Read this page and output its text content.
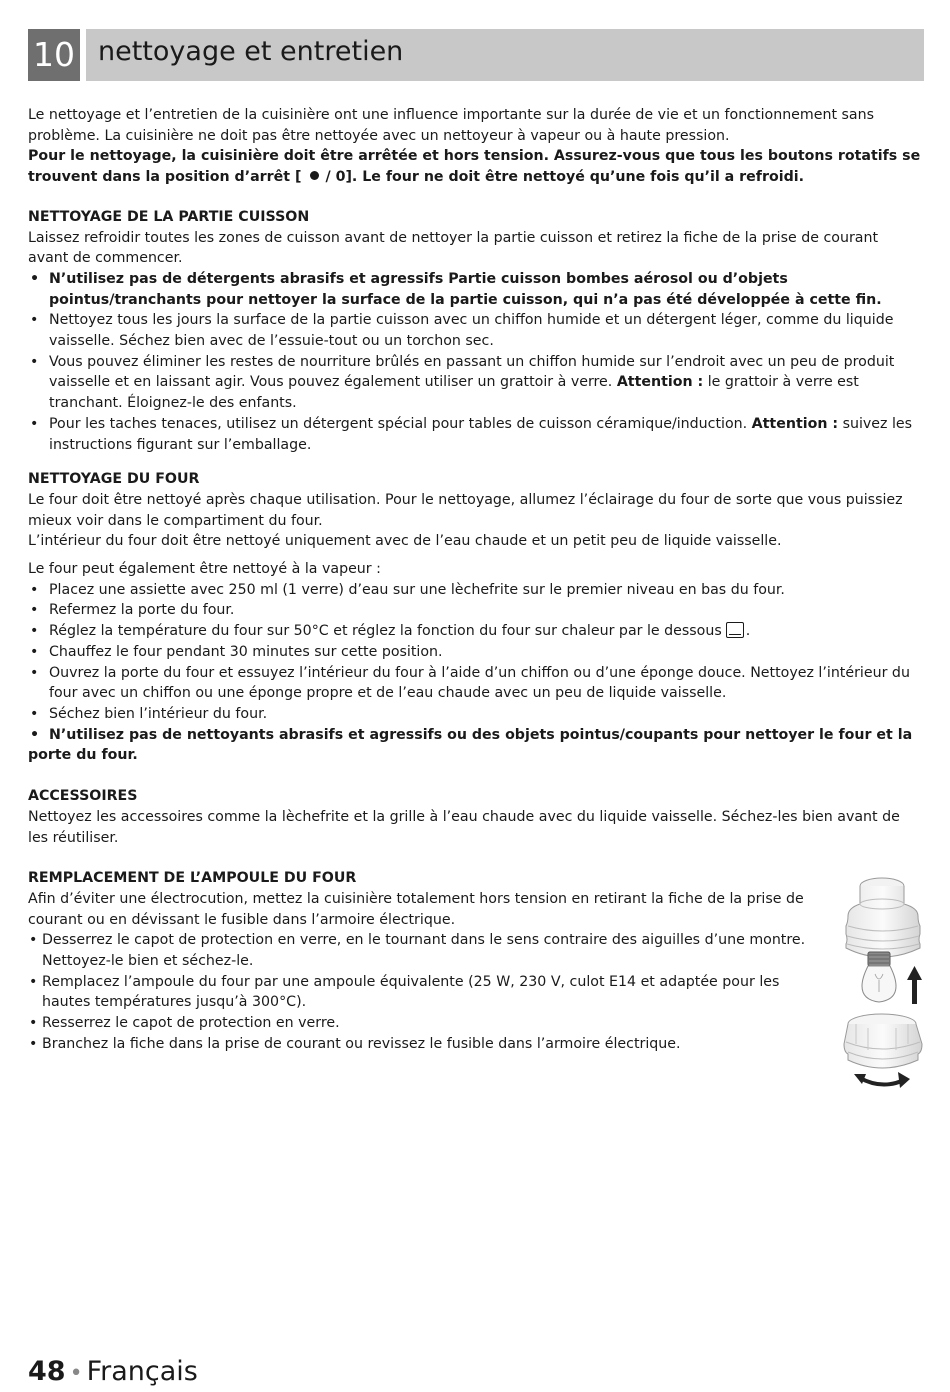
10 nettoyage et entretien

Le nettoyage et l’entretien de la cuisinière ont une influence importante sur la durée de vie et un fonctionnement sans problème. La cuisinière ne doit pas être nettoyée avec un nettoyeur à vapeur ou à haute pression.

Pour le nettoyage, la cuisinière doit être arrêtée et hors tension. Assurez-vous que tous les boutons rotatifs se trouvent dans la position d’arrêt [ / 0]. Le four ne doit être nettoyé qu’une fois qu’il a refroidi.

NETTOYAGE DE LA PARTIE CUISSON

Laissez refroidir toutes les zones de cuisson avant de nettoyer la partie cuisson et retirez la fiche de la prise de courant avant de commencer.

• N’utilisez pas de détergents abrasifs et agressifs Partie cuisson bombes aérosol ou d’objets pointus/tranchants pour nettoyer la surface de la partie cuisson, qui n’a pas été développée à cette fin.
• Nettoyez tous les jours la surface de la partie cuisson avec un chiffon humide et un détergent léger, comme du liquide vaisselle. Séchez bien avec de l’essuie-tout ou un torchon sec.
• Vous pouvez éliminer les restes de nourriture brûlés en passant un chiffon humide sur l’endroit avec un peu de produit vaisselle et en laissant agir. Vous pouvez également utiliser un grattoir à verre. Attention : le grattoir à verre est tranchant. Éloignez-le des enfants.
• Pour les taches tenaces, utilisez un détergent spécial pour tables de cuisson céramique/induction. Attention : suivez les instructions figurant sur l’emballage.

NETTOYAGE DU FOUR

Le four doit être nettoyé après chaque utilisation. Pour le nettoyage, allumez l’éclairage du four de sorte que vous puissiez mieux voir dans le compartiment du four.

L’intérieur du four doit être nettoyé uniquement avec de l’eau chaude et un petit peu de liquide vaisselle.

Le four peut également être nettoyé à la vapeur :

• Placez une assiette avec 250 ml (1 verre) d’eau sur une lèchefrite sur le premier niveau en bas du four.
• Refermez la porte du four.
• Réglez la température du four sur 50°C et réglez la fonction du four sur chaleur par le dessous .
• Chauffez le four pendant 30 minutes sur cette position.
• Ouvrez la porte du four et essuyez l’intérieur du four à l’aide d’un chiffon ou d’une éponge douce. Nettoyez l’intérieur du four avec un chiffon ou une éponge propre et de l’eau chaude avec un peu de liquide vaisselle.
• Séchez bien l’intérieur du four.

• N’utilisez pas de nettoyants abrasifs et agressifs ou des objets pointus/coupants pour nettoyer le four et la porte du four.

ACCESSOIRES

Nettoyez les accessoires comme la lèchefrite et la grille à l’eau chaude avec du liquide vaisselle. Séchez-les bien avant de les réutiliser.

REMPLACEMENT DE L’AMPOULE DU FOUR

Afin d’éviter une électrocution, mettez la cuisinière totalement hors tension en retirant la fiche de la prise de courant ou en dévissant le fusible dans l’armoire électrique.

• Desserrez le capot de protection en verre, en le tournant dans le sens contraire des aiguilles d’une montre. Nettoyez-le bien et séchez-le.
• Remplacez l’ampoule du four par une ampoule équivalente (25 W, 230 V, culot E14 et adaptée pour les hautes températures jusqu’à 300°C).
• Resserrez le capot de protection en verre.
• Branchez la fiche dans la prise de courant ou revissez le fusible dans l’armoire électrique.
48 • Français
